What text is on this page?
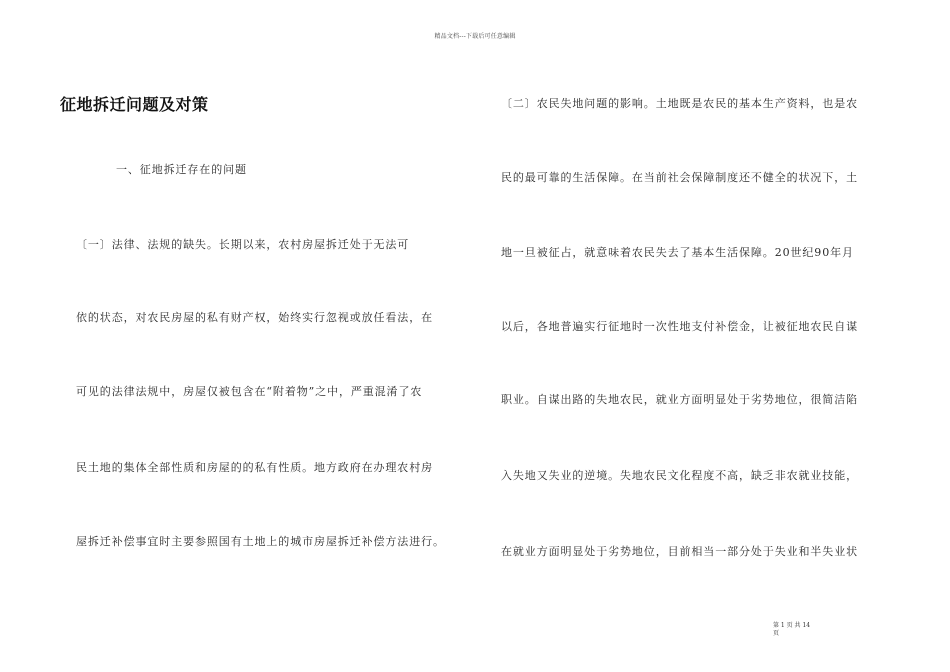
精品文档---下载后可任意编辑
征地拆迁问题及对策
一、征地拆迁存在的问题
〔一〕法律、法规的缺失。长期以来，农村房屋拆迁处于无法可
依的状态，对农民房屋的私有财产权，始终实行忽视或放任看法，在
可见的法律法规中，房屋仅被包含在“附着物”之中，严重混淆了农
民土地的集体全部性质和房屋的的私有性质。地方政府在办理农村房
屋拆迁补偿事宜时主要参照国有土地上的城市房屋拆迁补偿方法进行。
〔二〕农民失地问题的影响。土地既是农民的基本生产资料，也是农
民的最可靠的生活保障。在当前社会保障制度还不健全的状况下，土
地一旦被征占，就意味着农民失去了基本生活保障。20世纪90年月
以后，各地普遍实行征地时一次性地支付补偿金，让被征地农民自谋
职业。自谋出路的失地农民，就业方面明显处于劣势地位，很简洁陷
入失地又失业的逆境。失地农民文化程度不高，缺乏非农就业技能，
在就业方面明显处于劣势地位，目前相当一部分处于失业和半失业状
第 1 页 共 14
页
